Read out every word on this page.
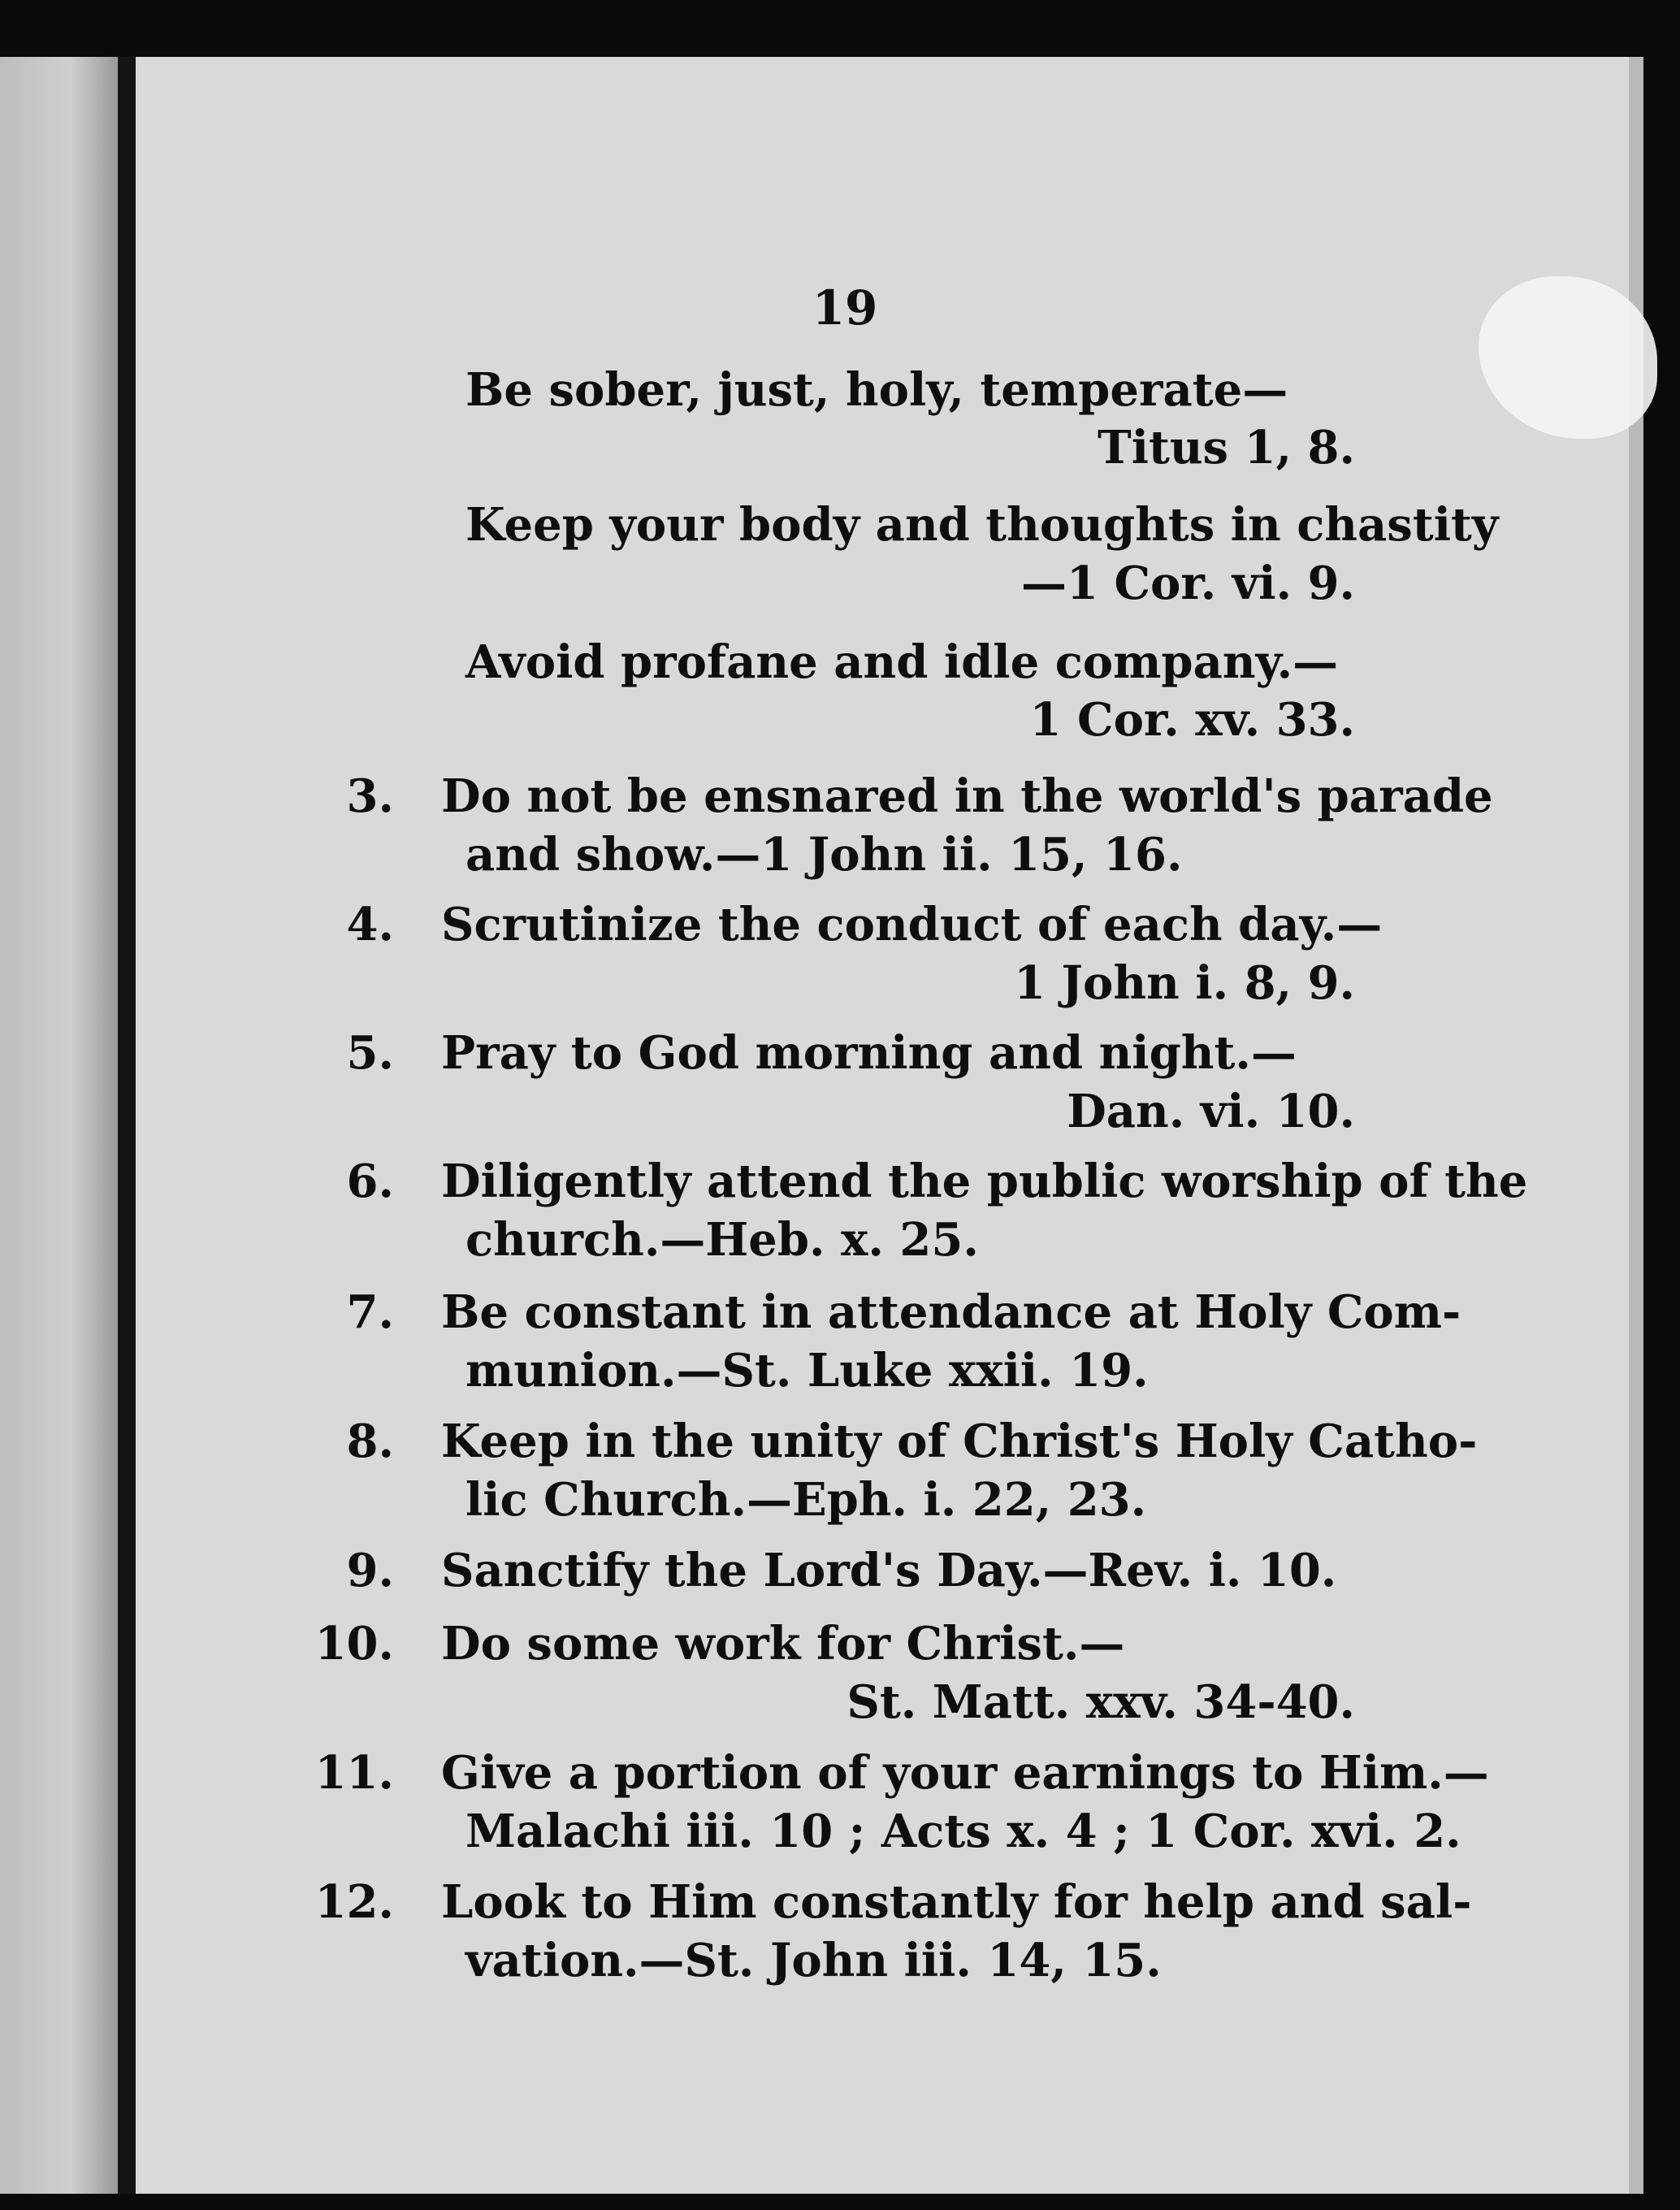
19
Be sober, just, holy, temperate—
Titus 1, 8.
Keep your body and thoughts in chastity
—1 Cor. vi. 9.
Avoid profane and idle company.—
1 Cor. xv. 33.
3. Do not be ensnared in the world's parade
and show.—1 John ii. 15, 16.
4. Scrutinize the conduct of each day.—
1 John i. 8, 9.
5. Pray to God morning and night.—
Dan. vi. 10.
6. Diligently attend the public worship of the
church.—Heb. x. 25.
7. Be constant in attendance at Holy Com-
munion.—St. Luke xxii. 19.
8. Keep in the unity of Christ's Holy Catho-
lic Church.—Eph. i. 22, 23.
9. Sanctify the Lord's Day.—Rev. i. 10.
10. Do some work for Christ.—
St. Matt. xxv. 34-40.
11. Give a portion of your earnings to Him.—
Malachi iii. 10 ; Acts x. 4 ; 1 Cor. xvi. 2.
12. Look to Him constantly for help and sal-
vation.—St. John iii. 14, 15.
